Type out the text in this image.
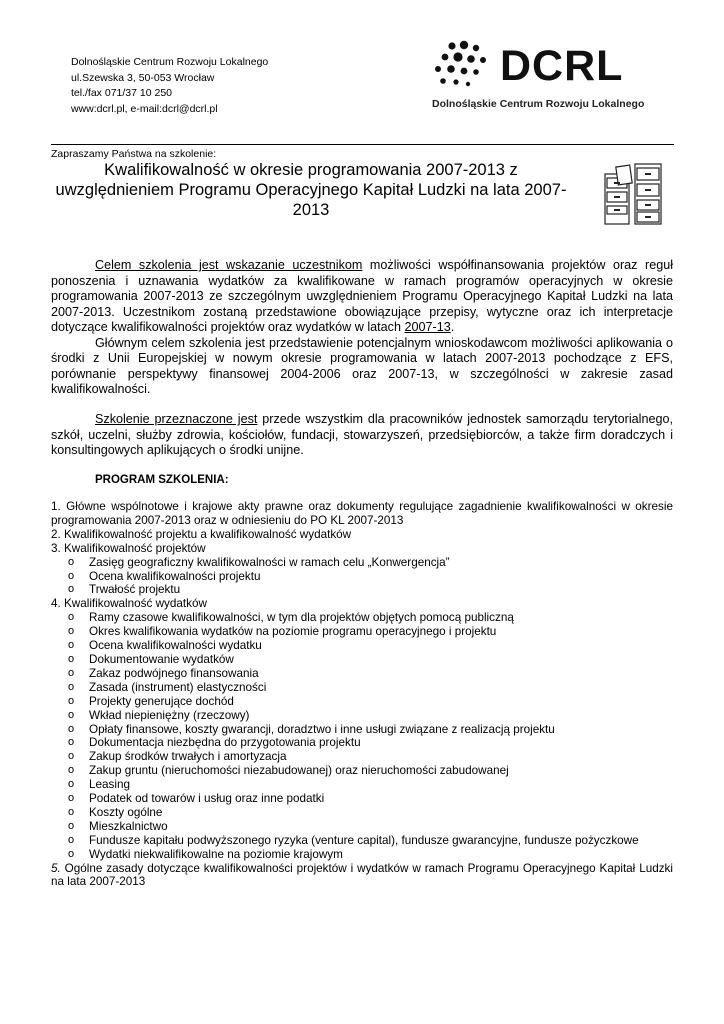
Dolnośląskie Centrum Rozwoju Lokalnego
ul.Szewska 3, 50-053 Wrocław
tel./fax 071/37 10 250
www:dcrl.pl, e-mail:dcrl@dcrl.pl
DCRL
Dolnośląskie Centrum Rozwoju Lokalnego
Zapraszamy Państwa na szkolenie:
Kwalifikowalność w okresie programowania 2007-2013 z uwzględnieniem Programu Operacyjnego Kapitał Ludzki na lata 2007-2013

Celem szkolenia jest wskazanie uczestnikom możliwości współfinansowania projektów oraz reguł ponoszenia i uznawania wydatków za kwalifikowane w ramach programów operacyjnych w okresie programowania 2007-2013 ze szczególnym uwzględnieniem Programu Operacyjnego Kapitał Ludzki na lata 2007-2013. Uczestnikom zostaną przedstawione obowiązujące przepisy, wytyczne oraz ich interpretacje dotyczące kwalifikowalności projektów oraz wydatków w latach 2007-13.

Głównym celem szkolenia jest przedstawienie potencjalnym wnioskodawcom możliwości aplikowania o środki z Unii Europejskiej w nowym okresie programowania w latach 2007-2013 pochodzące z EFS, porównanie perspektywy finansowej 2004-2006 oraz 2007-13, w szczególności w zakresie zasad kwalifikowalności.

Szkolenie przeznaczone jest przede wszystkim dla pracowników jednostek samorządu terytorialnego, szkół, uczelni, służby zdrowia, kościołów, fundacji, stowarzyszeń, przedsiębiorców, a także firm doradczych i konsultingowych aplikujących o środki unijne.

PROGRAM SZKOLENIA:
1. Główne wspólnotowe i krajowe akty prawne oraz dokumenty regulujące zagadnienie kwalifikowalności w okresie programowania 2007-2013 oraz w odniesieniu do PO KL 2007-2013
2. Kwalifikowalność projektu a kwalifikowalność wydatków
3. Kwalifikowalność projektów
o Zasięg geograficzny kwalifikowalności w ramach celu „Konwergencja”
o Ocena kwalifikowalności projektu
o Trwałość projektu
4. Kwalifikowalność wydatków
o Ramy czasowe kwalifikowalności, w tym dla projektów objętych pomocą publiczną
o Okres kwalifikowania wydatków na poziomie programu operacyjnego i projektu
o Ocena kwalifikowalności wydatku
o Dokumentowanie wydatków
o Zakaz podwójnego finansowania
o Zasada (instrument) elastyczności
o Projekty generujące dochód
o Wkład niepieniężny (rzeczowy)
o Opłaty finansowe, koszty gwarancji, doradztwo i inne usługi związane z realizacją projektu
o Dokumentacja niezbędna do przygotowania projektu
o Zakup środków trwałych i amortyzacja
o Zakup gruntu (nieruchomości niezabudowanej) oraz nieruchomości zabudowanej
o Leasing
o Podatek od towarów i usług oraz inne podatki
o Koszty ogólne
o Mieszkalnictwo
o Fundusze kapitału podwyższonego ryzyka (venture capital), fundusze gwarancyjne, fundusze pożyczkowe
o Wydatki niekwalifikowalne na poziomie krajowym
5. Ogólne zasady dotyczące kwalifikowalności projektów i wydatków w ramach Programu Operacyjnego Kapitał Ludzki na lata 2007-2013
